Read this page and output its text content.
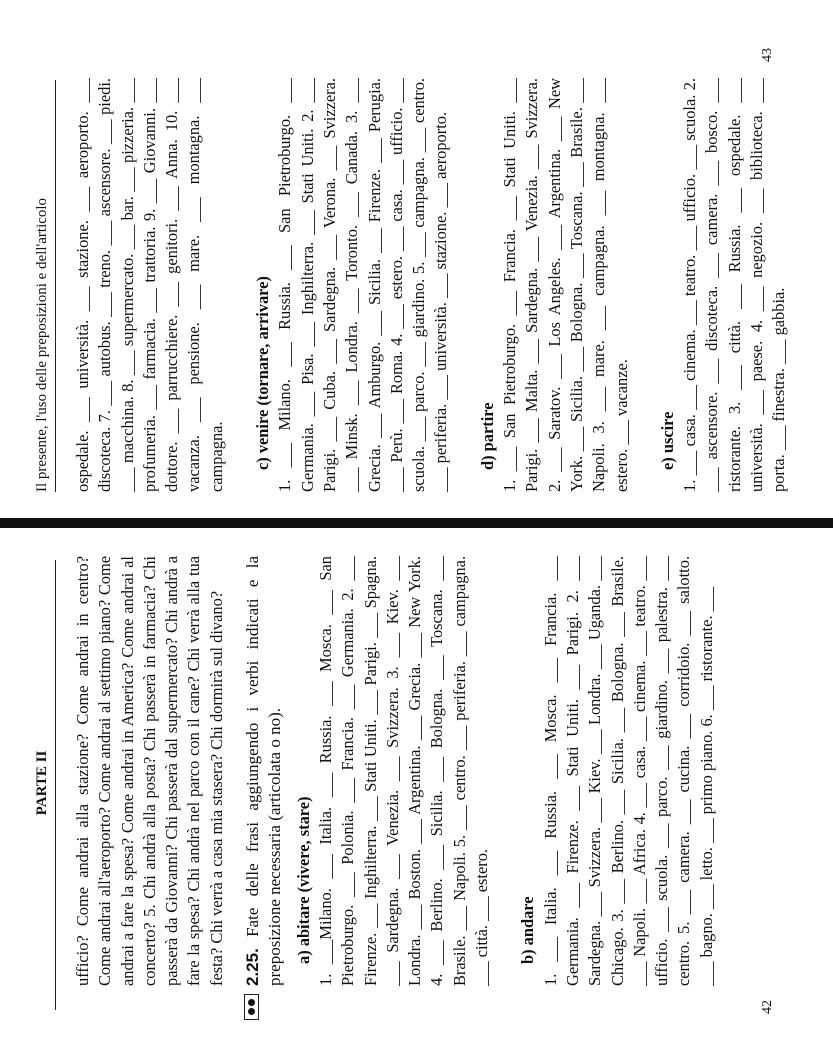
PARTE II ufficio? Come andrai alla stazione? Come andrai in centro? Come andrai all'aeroporto? Come andrai al settimo piano? Come andrai a fare la spesa? Come andrai in America? Come andrai al concerto? 5. Chi andrà alla posta? Chi passerà in farmacia? Chi passerà da Giovanni? Chi passerà dal supermercato? Chi andrà a fare la spesa? Chi andrà nel parco con il cane? Chi verrà alla tua festa? Chi verrà a casa mia stasera? Chi dormirà sul divano? 2.25. Fate delle frasi aggiungendo i verbi indicati e la preposizione necessaria (articolata o no). a) abitare (vivere, stare) 1. ___Milano. ___ Italia. ___ Russia. ___ Mosca. ___ San Pietroburgo. ___ Polonia. ___ Francia. ___ Germania. 2. ___ Firenze. ___ Inghilterra. ___ Stati Uniti. ___ Parigi. ___ Spagna. ___ Sardegna. ___ Venezia. ___ Svizzera. 3. ___ Kiev. ___ Londra. ___ Boston. ___ Argentina. ___ Grecia. ___ New York. 4. ___ Berlino. ___ Sicilia. ___ Bologna. ___ Toscana. ___ Brasile. ___ Napoli. 5. ___ centro. ___ periferia. ___ campagna. ___ città. ___ estero. b) andare 1. ___ Italia. ___ Russia. ___ Mosca. ___ Francia. ___ Germania. ___ Firenze. ___ Stati Uniti. ___ Parigi. 2. ___ Sardegna. ___ Svizzera. ___ Kiev. ___ Londra. ___ Uganda. ___ Chicago. 3. ___ Berlino. ___ Sicilia. ___ Bologna. ___ Brasile. ___ Napoli. ___ Africa. 4. ___ casa. ___ cinema. ___ teatro. ___ ufficio. ___ scuola. ___ parco. ___ giardino. ___ palestra. ___ centro. 5. ___ camera. ___ cucina. ___ corridoio. ___ salotto. ___ bagno. ___ letto. ___ primo piano. 6. ___ ristorante. ___

42
Il presente, l'uso delle preposizioni e dell'articolo ospedale. ___ università. ___ stazione. ___ aeroporto. ___ discoteca. 7. ___ autobus. ___ treno. ___ ascensore. ___ piedi. ___ macchina. 8. ___ supermercato. ___ bar. ___ pizzeria. ___ profumeria. ___ farmacia. ___ trattoria. 9. ___ Giovanni. ___ dottore. ___ parrucchiere. ___ genitori. ___ Anna. 10. ___ vacanza. ___ pensione. ___ mare. ___ montagna. ___ campagna. c) venire (tornare, arrivare) 1. ___ Milano. ___ Russia. ___ San Pietroburgo. ___ Germania. ___ Pisa. ___ Inghilterra. ___ Stati Uniti. 2. ___ Parigi. ___ Cuba. ___ Sardegna. ___ Verona. ___ Svizzera. ___ Minsk. ___ Londra. ___ Toronto. ___ Canada. 3. ___ Grecia. ___ Amburgo. ___ Sicilia. ___ Firenze. ___ Perugia. ___ Perù. ___ Roma. 4. ___ estero. ___ casa. ___ ufficio. ___ scuola. ___ parco. ___ giardino. 5. ___ campagna. ___ centro. ___ periferia. ___ università. ___ stazione. ___ aeroporto. d) partire 1. ___ San Pietroburgo. ___ Francia. ___ Stati Uniti. ___ Parigi. ___ Malta. ___ Sardegna. ___ Venezia. ___ Svizzera. 2. ___ Saratov. ___ Los Angeles. ___ Argentina. ___ New York. ___ Sicilia. ___ Bologna. ___ Toscana. ___ Brasile. ___ Napoli. 3. ___ mare. ___ campagna. ___ montagna. ___ estero. ___ vacanze. e) uscire 1. ___ casa. ___ cinema. ___ teatro. ___ ufficio. ___ scuola. 2. ___ ascensore. ___ discoteca. ___ camera. ___ bosco. ___ ristorante. 3. ___ città. ___ Russia. ___ ospedale. ___ università. ___ paese. 4. ___ negozio. ___ biblioteca. ___ porta. ___ finestra. ___ gabbia.

43
